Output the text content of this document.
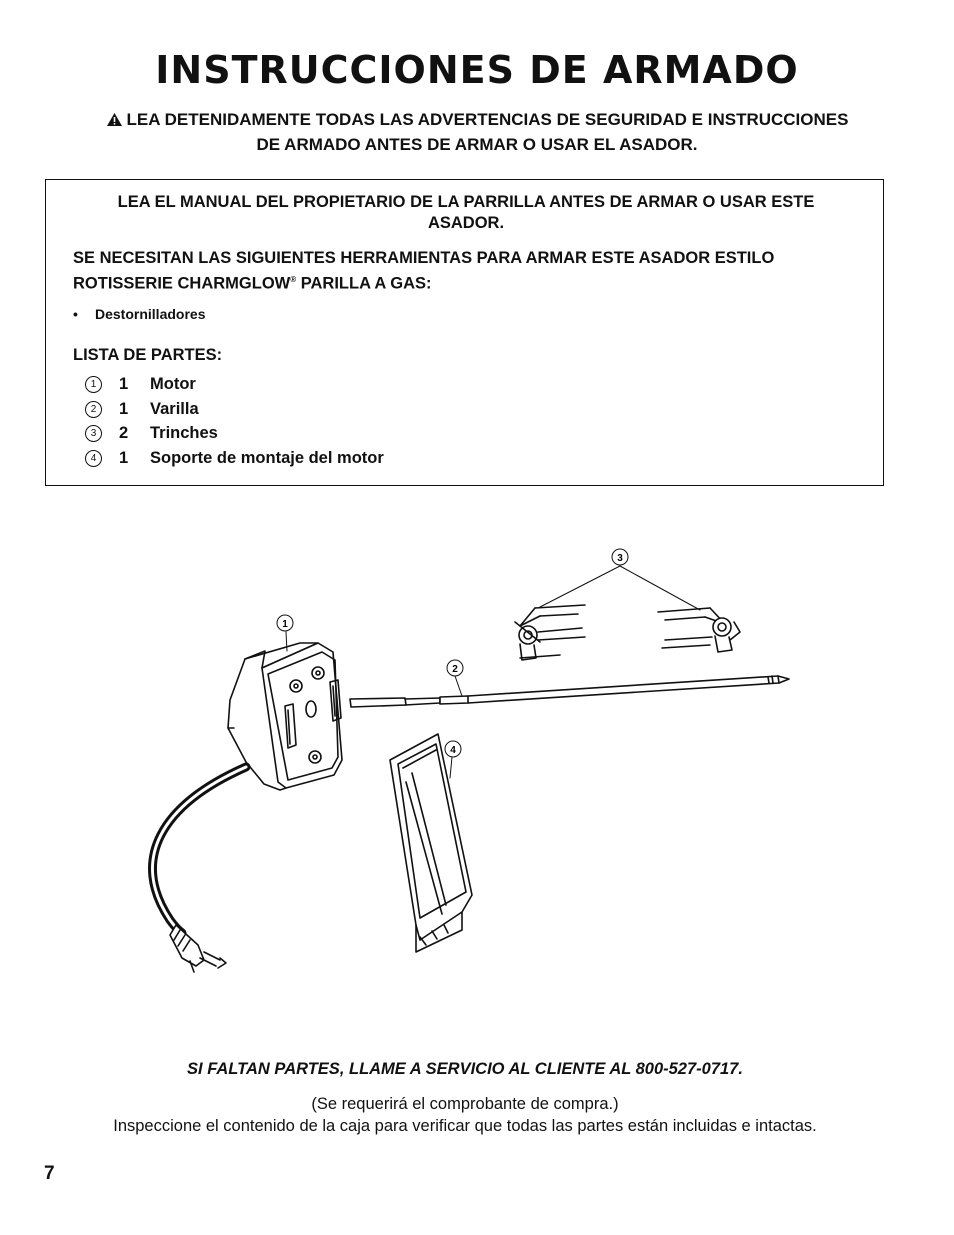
INSTRUCCIONES DE ARMADO
LEA DETENIDAMENTE TODAS LAS ADVERTENCIAS DE SEGURIDAD E INSTRUCCIONES
DE ARMADO ANTES DE ARMAR O USAR EL ASADOR.
LEA EL MANUAL DEL PROPIETARIO DE LA PARRILLA ANTES DE ARMAR O USAR ESTE ASADOR.
SE NECESITAN LAS SIGUIENTES HERRAMIENTAS PARA ARMAR ESTE ASADOR ESTILO ROTISSERIE CHARMGLOW® PARILLA A GAS:
• Destornilladores
LISTA DE PARTES:
1	1	Motor
2	1	Varilla
3	2	Trinches
4	1	Soporte de montaje del motor
1
2
3
4
SI FALTAN PARTES, LLAME A SERVICIO AL CLIENTE AL 800-527-0717.
(Se requerirá el comprobante de compra.)
Inspeccione el contenido de la caja para verificar que todas las partes están incluidas e intactas.
7
